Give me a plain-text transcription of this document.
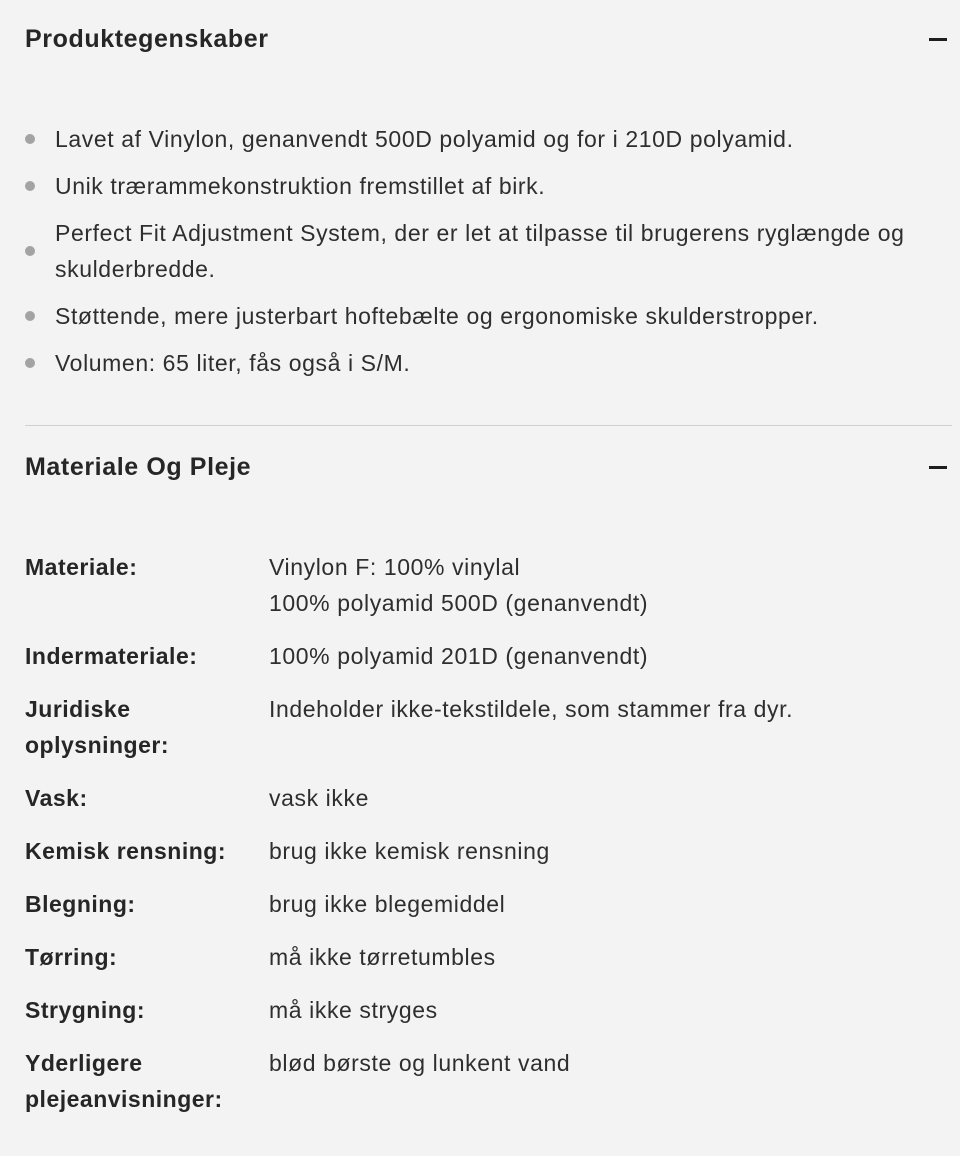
Produktegenskaber
Lavet af Vinylon, genanvendt 500D polyamid og for i 210D polyamid.
Unik trærammekonstruktion fremstillet af birk.
Perfect Fit Adjustment System, der er let at tilpasse til brugerens ryglængde og skulderbredde.
Støttende, mere justerbart hoftebælte og ergonomiske skulderstropper.
Volumen: 65 liter, fås også i S/M.
Materiale Og Pleje
Materiale:	Vinylon F: 100% vinylal
100% polyamid 500D (genanvendt)
Indermateriale:	100% polyamid 201D (genanvendt)
Juridiske oplysninger:
Indeholder ikke-tekstildele, som stammer fra dyr.
Vask:	vask ikke
Kemisk rensning:	brug ikke kemisk rensning
Blegning:	brug ikke blegemiddel
Tørring:	må ikke tørretumbles
Strygning:	må ikke stryges
Yderligere plejeanvisninger:
blød børste og lunkent vand
